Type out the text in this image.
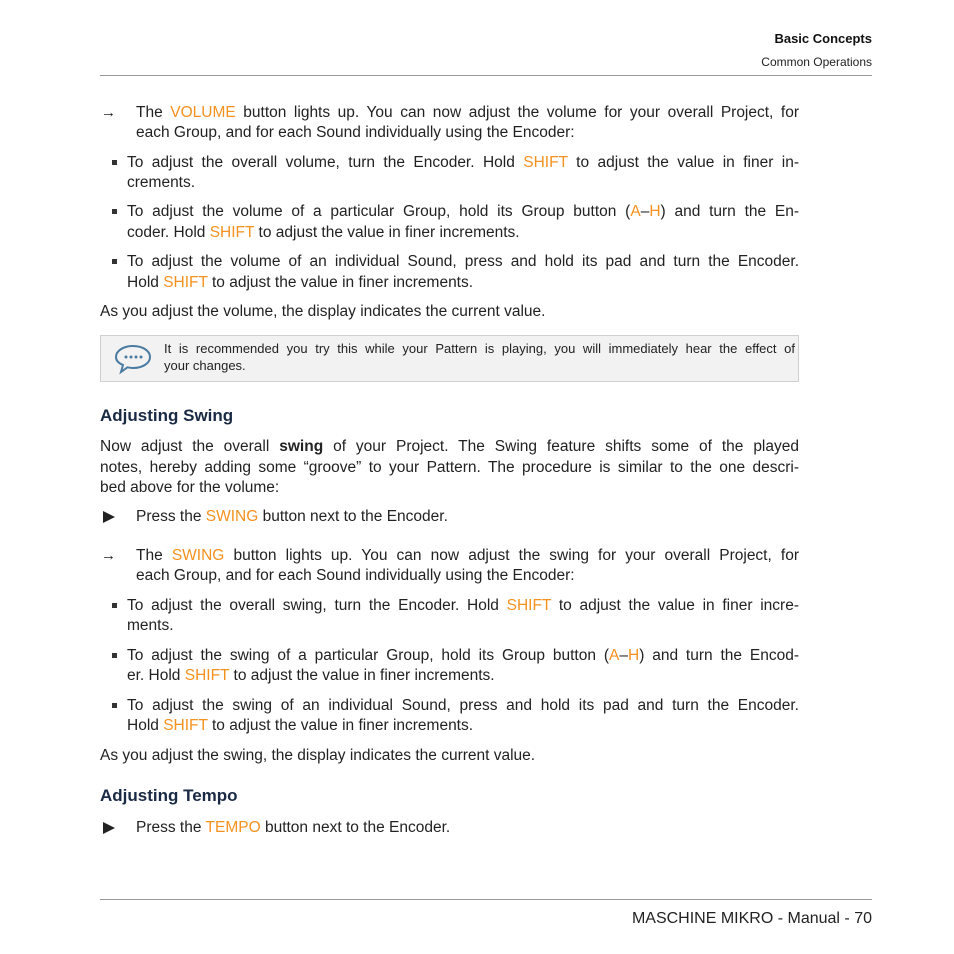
Basic Concepts
Common Operations
→ The VOLUME button lights up. You can now adjust the volume for your overall Project, for
each Group, and for each Sound individually using the Encoder:
To adjust the overall volume, turn the Encoder. Hold SHIFT to adjust the value in finer in-
crements.
To adjust the volume of a particular Group, hold its Group button (A–H) and turn the En-
coder. Hold SHIFT to adjust the value in finer increments.
To adjust the volume of an individual Sound, press and hold its pad and turn the Encoder.
Hold SHIFT to adjust the value in finer increments.
As you adjust the volume, the display indicates the current value.
It is recommended you try this while your Pattern is playing, you will immediately hear the effect of
your changes.
Adjusting Swing
Now adjust the overall swing of your Project. The Swing feature shifts some of the played
notes, hereby adding some “groove” to your Pattern. The procedure is similar to the one descri-
bed above for the volume:
Press the SWING button next to the Encoder.
→ The SWING button lights up. You can now adjust the swing for your overall Project, for
each Group, and for each Sound individually using the Encoder:
To adjust the overall swing, turn the Encoder. Hold SHIFT to adjust the value in finer incre-
ments.
To adjust the swing of a particular Group, hold its Group button (A–H) and turn the Encod-
er. Hold SHIFT to adjust the value in finer increments.
To adjust the swing of an individual Sound, press and hold its pad and turn the Encoder.
Hold SHIFT to adjust the value in finer increments.
As you adjust the swing, the display indicates the current value.
Adjusting Tempo
Press the TEMPO button next to the Encoder.
MASCHINE MIKRO - Manual - 70
